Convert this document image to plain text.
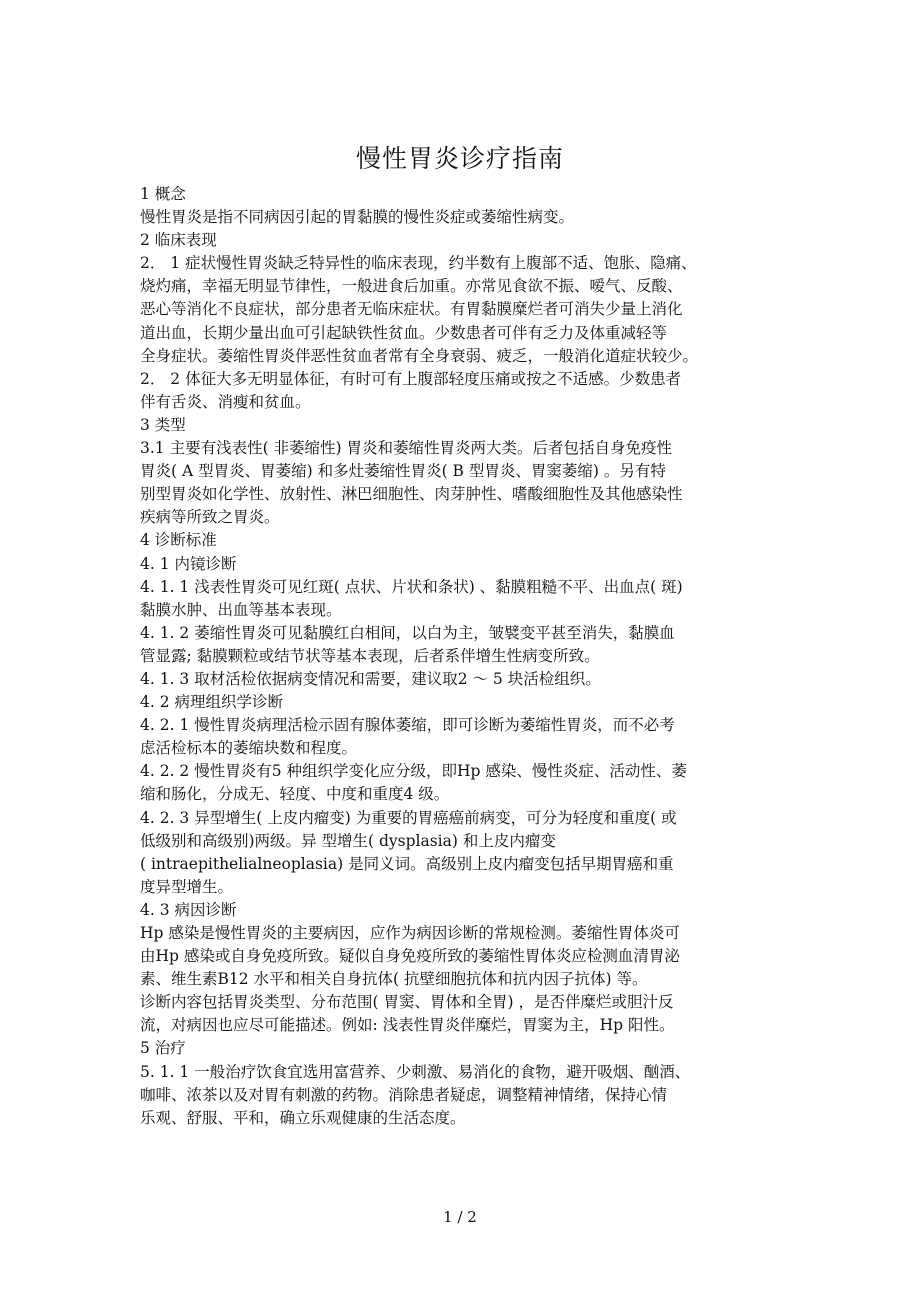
慢性胃炎诊疗指南
1 概念
慢性胃炎是指不同病因引起的胃黏膜的慢性炎症或萎缩性病变。
2 临床表现
2． 1 症状慢性胃炎缺乏特异性的临床表现，约半数有上腹部不适、饱胀、隐痛、
烧灼痛，幸福无明显节律性，一般进食后加重。亦常见食欲不振、嗳气、反酸、
恶心等消化不良症状，部分患者无临床症状。有胃黏膜糜烂者可消失少量上消化
道出血，长期少量出血可引起缺铁性贫血。少数患者可伴有乏力及体重减轻等
全身症状。萎缩性胃炎伴恶性贫血者常有全身衰弱、疲乏，一般消化道症状较少。
2． 2 体征大多无明显体征，有时可有上腹部轻度压痛或按之不适感。少数患者
伴有舌炎、消瘦和贫血。
3 类型
3.1 主要有浅表性( 非萎缩性) 胃炎和萎缩性胃炎两大类。后者包括自身免疫性
胃炎( A 型胃炎、胃萎缩) 和多灶萎缩性胃炎( B 型胃炎、胃窦萎缩) 。另有特
别型胃炎如化学性、放射性、淋巴细胞性、肉芽肿性、嗜酸细胞性及其他感染性
疾病等所致之胃炎。
4 诊断标准
4. 1 内镜诊断
4. 1. 1 浅表性胃炎可见红斑( 点状、片状和条状) 、黏膜粗糙不平、出血点( 斑)
黏膜水肿、出血等基本表现。
4. 1. 2 萎缩性胃炎可见黏膜红白相间，以白为主，皱襞变平甚至消失，黏膜血
管显露; 黏膜颗粒或结节状等基本表现，后者系伴增生性病变所致。
4. 1. 3 取材活检依据病变情况和需要，建议取2 ～ 5 块活检组织。
4. 2 病理组织学诊断
4. 2. 1 慢性胃炎病理活检示固有腺体萎缩，即可诊断为萎缩性胃炎，而不必考
虑活检标本的萎缩块数和程度。
4. 2. 2 慢性胃炎有5 种组织学变化应分级，即Hp 感染、慢性炎症、活动性、萎
缩和肠化，分成无、轻度、中度和重度4 级。
4. 2. 3 异型增生( 上皮内瘤变) 为重要的胃癌癌前病变，可分为轻度和重度( 或
低级别和高级别)两级。异 型增生( dysplasia) 和上皮内瘤变
( intraepithelialneoplasia) 是同义词。高级别上皮内瘤变包括早期胃癌和重
度异型增生。
4. 3 病因诊断
Hp 感染是慢性胃炎的主要病因，应作为病因诊断的常规检测。萎缩性胃体炎可
由Hp 感染或自身免疫所致。疑似自身免疫所致的萎缩性胃体炎应检测血清胃泌
素、维生素B12 水平和相关自身抗体( 抗壁细胞抗体和抗内因子抗体) 等。
诊断内容包括胃炎类型、分布范围( 胃窦、胃体和全胃) ，是否伴糜烂或胆汁反
流，对病因也应尽可能描述。例如: 浅表性胃炎伴糜烂，胃窦为主，Hp 阳性。
5 治疗
5. 1. 1 一般治疗饮食宜选用富营养、少刺激、易消化的食物，避开吸烟、酗酒、
咖啡、浓茶以及对胃有刺激的药物。消除患者疑虑，调整精神情绪，保持心情
乐观、舒服、平和，确立乐观健康的生活态度。
1 / 2
